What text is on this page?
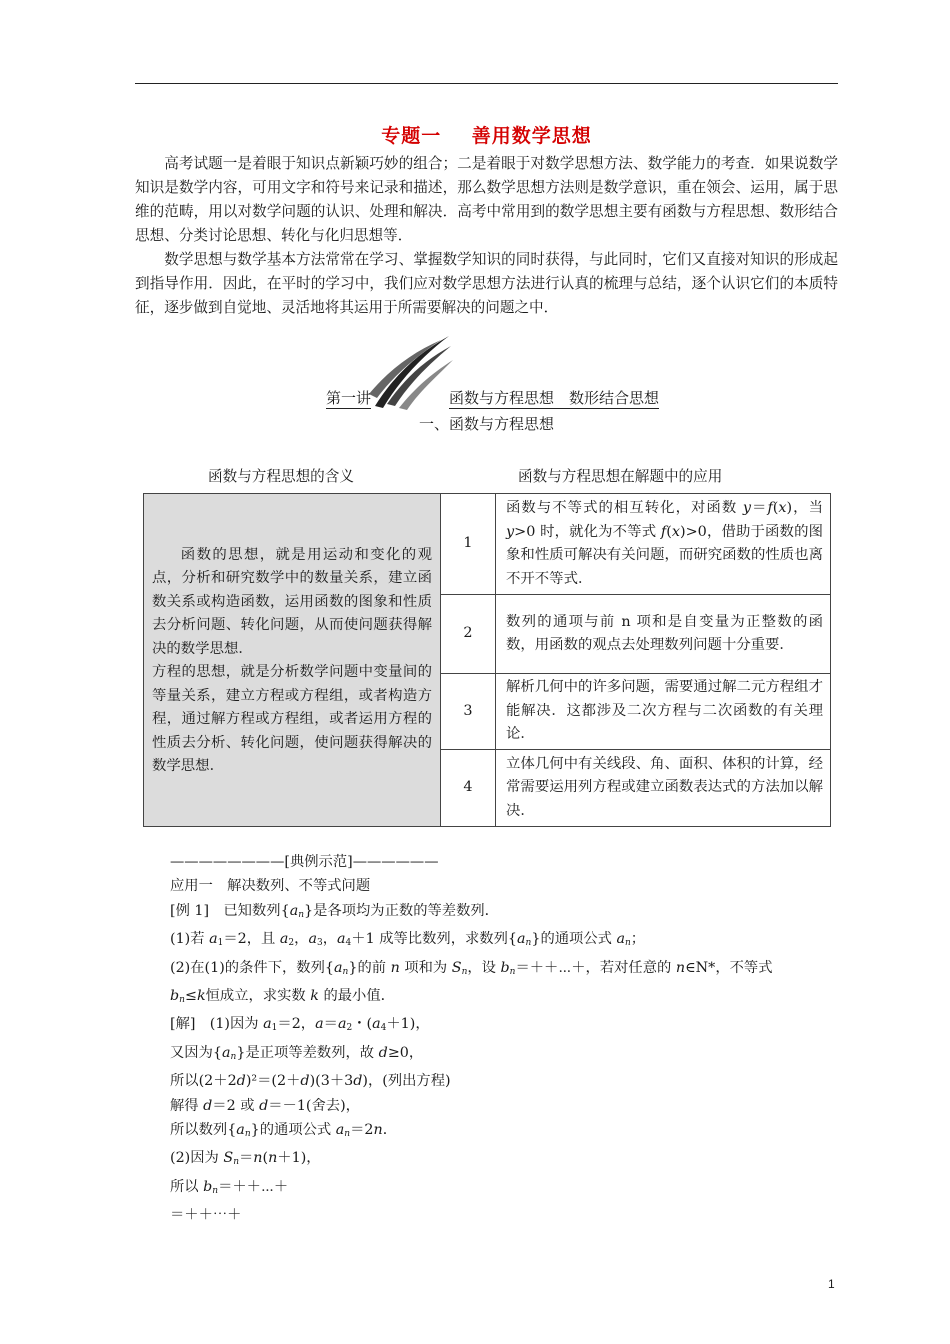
专题一    善用数学思想

高考试题一是着眼于知识点新颖巧妙的组合；二是着眼于对数学思想方法、数学能力的考查．如果说数学知识是数学内容，可用文字和符号来记录和描述，那么数学思想方法则是数学意识，重在领会、运用，属于思维的范畴，用以对数学问题的认识、处理和解决．高考中常用到的数学思想主要有函数与方程思想、数形结合思想、分类讨论思想、转化与化归思想等．

数学思想与数学基本方法常常在学习、掌握数学知识的同时获得，与此同时，它们又直接对知识的形成起到指导作用．因此，在平时的学习中，我们应对数学思想方法进行认真的梳理与总结，逐个认识它们的本质特征，逐步做到自觉地、灵活地将其运用于所需要解决的问题之中．

第一讲	函数与方程思想　数形结合思想
一、函数与方程思想
函数与方程思想的含义	函数与方程思想在解题中的应用

函数的思想，就是用运动和变化的观点，分析和研究数学中的数量关系，建立函数关系或构造函数，运用函数的图象和性质去分析问题、转化问题，从而使问题获得解决的数学思想．

方程的思想，就是分析数学问题中变量间的等量关系，建立方程或方程组，或者构造方程，通过解方程或方程组，或者运用方程的性质去分析、转化问题，使问题获得解决的数学思想．	1	函数与不等式的相互转化，对函数 y＝f(x)，当 y>0 时，就化为不等式 f(x)>0，借助于函数的图象和性质可解决有关问题，而研究函数的性质也离不开不等式．
	2	数列的通项与前 n 项和是自变量为正整数的函数，用函数的观点去处理数列问题十分重要．
	3	解析几何中的许多问题，需要通过解二元方程组才能解决．这都涉及二次方程与二次函数的有关理论．
	4	立体几何中有关线段、角、面积、体积的计算，经常需要运用列方程或建立函数表达式的方法加以解决．
————————[典例示范]——————
应用一　解决数列、不等式问题
[例 1]　已知数列$\{a_n\}$是各项均为正数的等差数列．
(1)若 $a_1=2$，且 $a_2$，$a_3$，$a_4+1$ 成等比数列，求数列$\{a_n\}$的通项公式 $a_n$；
(2)在(1)的条件下，数列$\{a_n\}$的前 n 项和为 $S_n$，设 $b_n=++\cdots+$，若对任意的 n∈N*，不等式
$b_n\le k$恒成立，求实数 k 的最小值．
[解]　(1)因为 $a_1=2$，$a=a_2$・$(a_4+1)$，
又因为$\{a_n\}$是正项等差数列，故 d≥0，
所以(2＋2d)²＝(2＋d)(3＋3d)，(列出方程)
解得 d＝2 或 d＝－1(舍去)，
所以数列$\{a_n\}$的通项公式 $a_n=2n$．
(2)因为 $S_n=n(n+1)$，
所以 $b_n=++\cdots+$
＝＋＋⋯＋
1
